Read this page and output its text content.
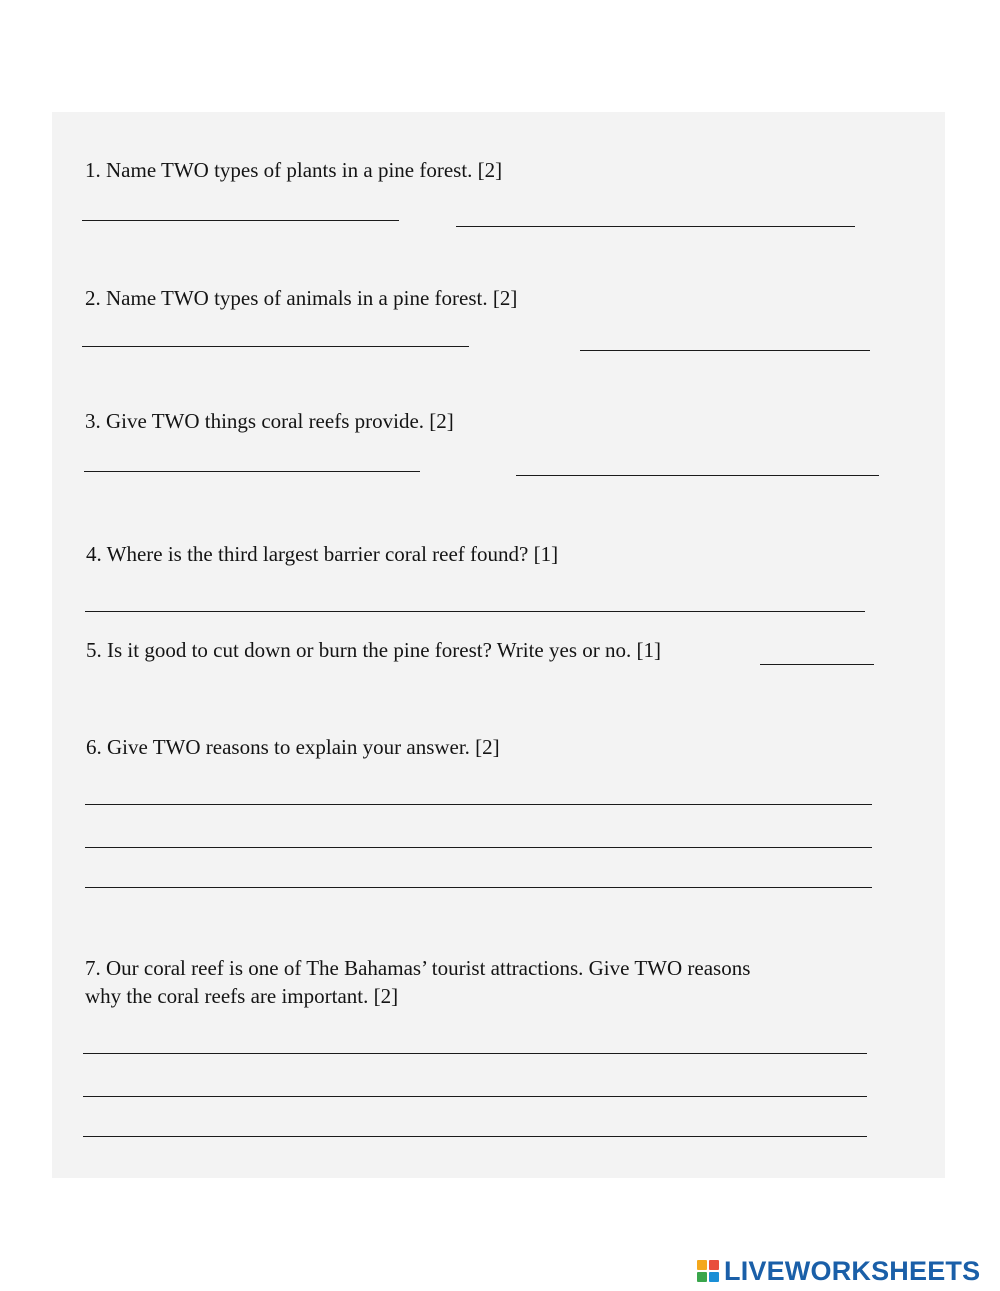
1. Name TWO types of plants in a pine forest. [2]
2. Name TWO types of animals in a pine forest. [2]
3. Give TWO things coral reefs provide. [2]
4. Where is the third largest barrier coral reef found? [1]
5. Is it good to cut down or burn the pine forest? Write yes or no. [1]
6. Give TWO reasons to explain your answer. [2]
7. Our coral reef is one of The Bahamas’ tourist attractions. Give TWO reasons
why the coral reefs are important. [2]
LIVEWORKSHEETS
